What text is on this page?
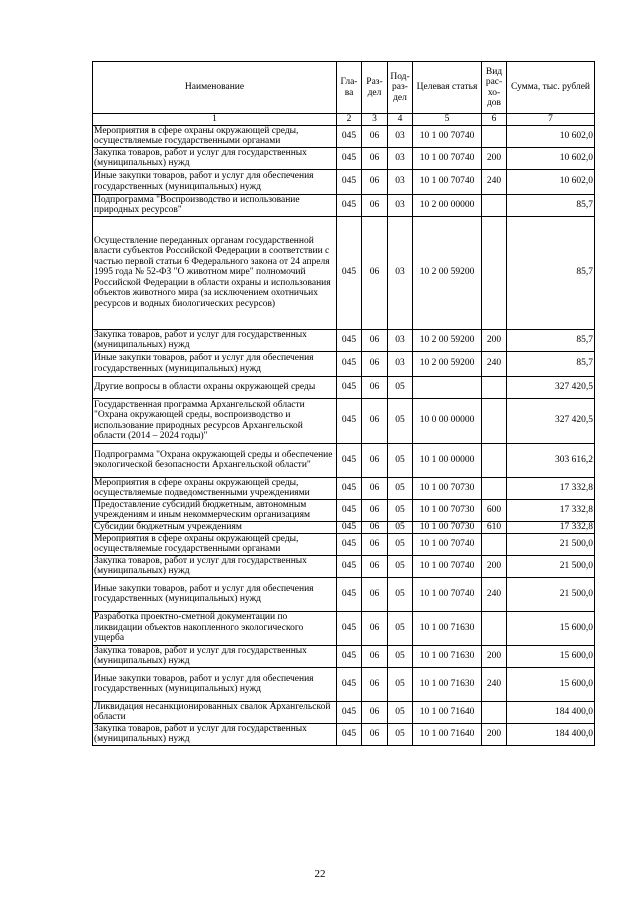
Наименование	Гла-ва	Раз-дел	Под-раз-дел	Целевая статья	Вид рас-хо-дов	Сумма, тыс. рублей
1	2	3	4	5	6	7
Мероприятия в сфере охраны окружающей среды, осуществляемые государственными органами	045	06	03	10 1 00 70740		10 602,0
Закупка товаров, работ и услуг для государственных (муниципальных) нужд	045	06	03	10 1 00 70740	200	10 602,0
Иные закупки товаров, работ и услуг для обеспечения государственных (муниципальных) нужд	045	06	03	10 1 00 70740	240	10 602,0
Подпрограмма "Воспроизводство и использование природных ресурсов"	045	06	03	10 2 00 00000		85,7
Осуществление переданных органам государственной власти субъектов Российской Федерации в соответствии с частью первой статьи 6 Федерального закона от 24 апреля 1995 года № 52-ФЗ "О животном мире" полномочий Российской Федерации в области охраны и использования объектов животного мира (за исключением охотничьих ресурсов и водных биологических ресурсов)	045	06	03	10 2 00 59200		85,7
Закупка товаров, работ и услуг для государственных (муниципальных) нужд	045	06	03	10 2 00 59200	200	85,7
Иные закупки товаров, работ и услуг для обеспечения государственных (муниципальных) нужд	045	06	03	10 2 00 59200	240	85,7
Другие вопросы в области охраны окружающей среды	045	06	05			327 420,5
Государственная программа Архангельской области "Охрана окружающей среды, воспроизводство и использование природных ресурсов Архангельской области (2014 – 2024 годы)"	045	06	05	10 0 00 00000		327 420,5
Подпрограмма "Охрана окружающей среды и обеспечение экологической безопасности Архангельской области"	045	06	05	10 1 00 00000		303 616,2
Мероприятия в сфере охраны окружающей среды, осуществляемые подведомственными учреждениями	045	06	05	10 1 00 70730		17 332,8
Предоставление субсидий бюджетным, автономным учреждениям и иным некоммерческим организациям	045	06	05	10 1 00 70730	600	17 332,8
Субсидии бюджетным учреждениям	045	06	05	10 1 00 70730	610	17 332,8
Мероприятия в сфере охраны окружающей среды, осуществляемые государственными органами	045	06	05	10 1 00 70740		21 500,0
Закупка товаров, работ и услуг для государственных (муниципальных) нужд	045	06	05	10 1 00 70740	200	21 500,0
Иные закупки товаров, работ и услуг для обеспечения государственных (муниципальных) нужд	045	06	05	10 1 00 70740	240	21 500,0
Разработка проектно-сметной документации по ликвидации объектов накопленного экологического ущерба	045	06	05	10 1 00 71630		15 600,0
Закупка товаров, работ и услуг для государственных (муниципальных) нужд	045	06	05	10 1 00 71630	200	15 600,0
Иные закупки товаров, работ и услуг для обеспечения государственных (муниципальных) нужд	045	06	05	10 1 00 71630	240	15 600,0
Ликвидация несанкционированных свалок Архангельской области	045	06	05	10 1 00 71640		184 400,0
Закупка товаров, работ и услуг для государственных (муниципальных) нужд	045	06	05	10 1 00 71640	200	184 400,0
22
